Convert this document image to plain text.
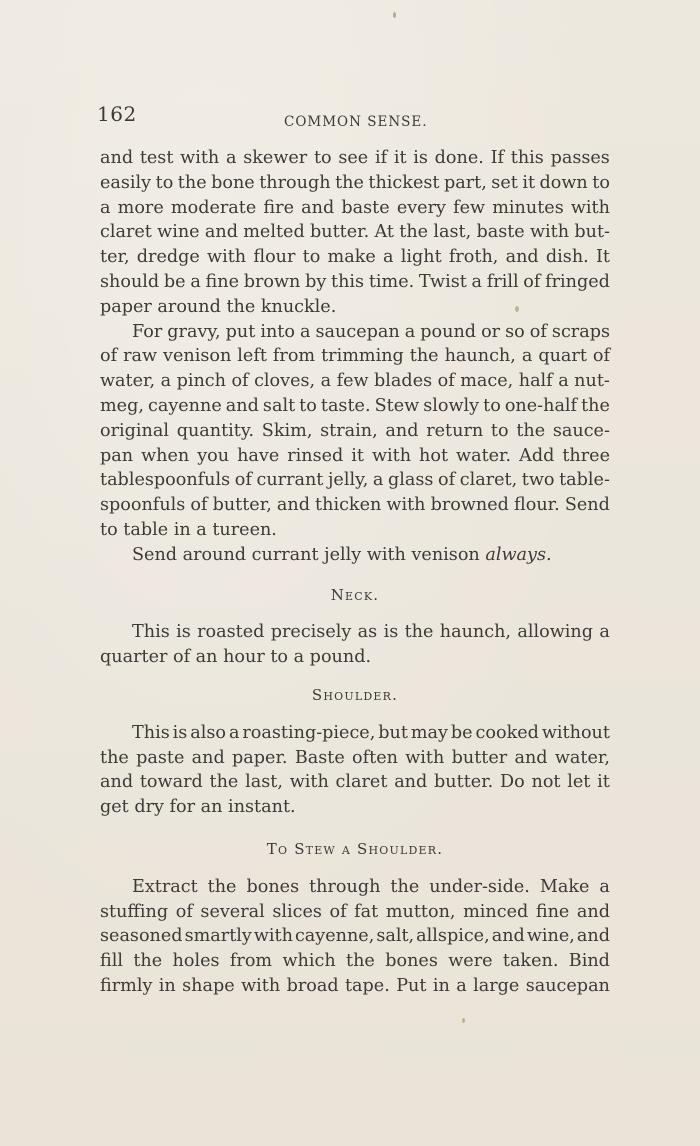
162	COMMON SENSE.
and test with a skewer to see if it is done. If this passes
easily to the bone through the thickest part, set it down to
a more moderate fire and baste every few minutes with
claret wine and melted butter. At the last, baste with but-
ter, dredge with flour to make a light froth, and dish. It
should be a fine brown by this time. Twist a frill of fringed
paper around the knuckle.
For gravy, put into a saucepan a pound or so of scraps
of raw venison left from trimming the haunch, a quart of
water, a pinch of cloves, a few blades of mace, half a nut-
meg, cayenne and salt to taste. Stew slowly to one-half the
original quantity. Skim, strain, and return to the sauce-
pan when you have rinsed it with hot water. Add three
tablespoonfuls of currant jelly, a glass of claret, two table-
spoonfuls of butter, and thicken with browned flour. Send
to table in a tureen.
Send around currant jelly with venison always.
Neck.
This is roasted precisely as is the haunch, allowing a
quarter of an hour to a pound.
Shoulder.
This is also a roasting-piece, but may be cooked without
the paste and paper. Baste often with butter and water,
and toward the last, with claret and butter. Do not let it
get dry for an instant.
To Stew a Shoulder.
Extract the bones through the under-side. Make a
stuffing of several slices of fat mutton, minced fine and
seasoned smartly with cayenne, salt, allspice, and wine, and
fill the holes from which the bones were taken. Bind
firmly in shape with broad tape. Put in a large saucepan
